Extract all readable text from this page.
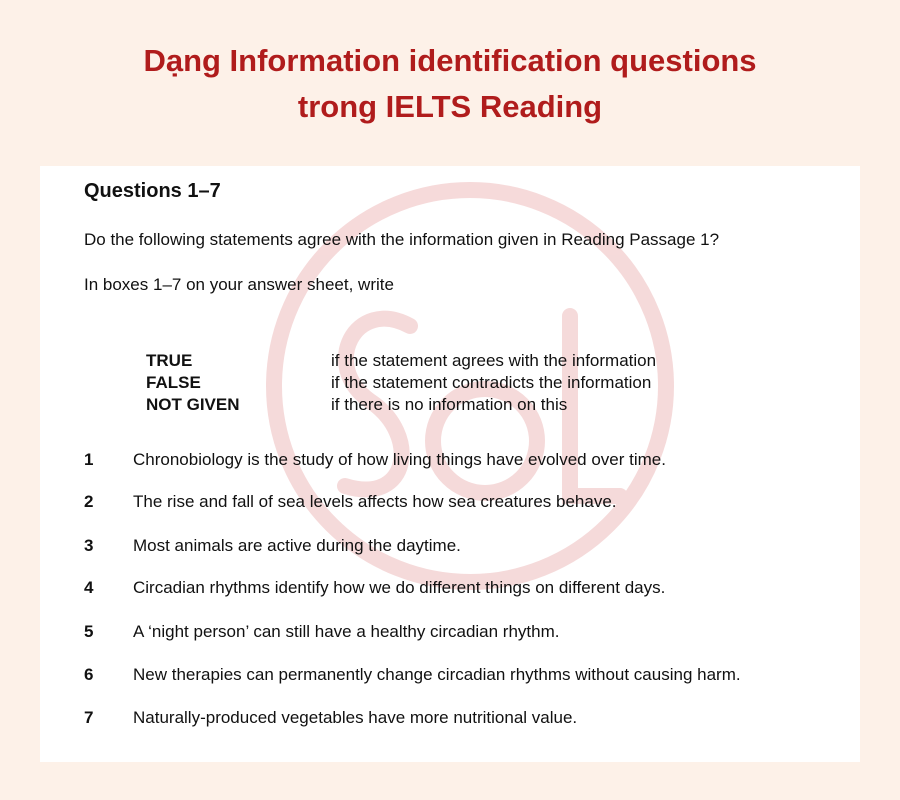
Dạng Information identification questions
trong IELTS Reading
Questions 1–7
Do the following statements agree with the information given in Reading Passage 1?
In boxes 1–7 on your answer sheet, write
TRUE	if the statement agrees with the information
FALSE	if the statement contradicts the information
NOT GIVEN	if there is no information on this
1	Chronobiology is the study of how living things have evolved over time.
2	The rise and fall of sea levels affects how sea creatures behave.
3	Most animals are active during the daytime.
4	Circadian rhythms identify how we do different things on different days.
5	A ‘night person’ can still have a healthy circadian rhythm.
6	New therapies can permanently change circadian rhythms without causing harm.
7	Naturally-produced vegetables have more nutritional value.
